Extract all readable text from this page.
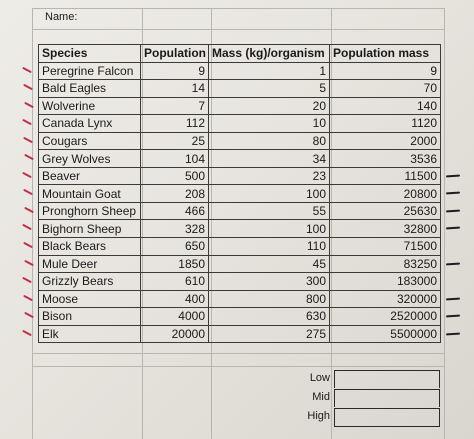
Name:
Species	Population	Mass (kg)/organism	Population mass
Peregrine Falcon	9	1	9
Bald Eagles	14	5	70
Wolverine	7	20	140
Canada Lynx	112	10	1120
Cougars	25	80	2000
Grey Wolves	104	34	3536
Beaver	500	23	11500
Mountain Goat	208	100	20800
Pronghorn Sheep	466	55	25630
Bighorn Sheep	328	100	32800
Black Bears	650	110	71500
Mule Deer	1850	45	83250
Grizzly Bears	610	300	183000
Moose	400	800	320000
Bison	4000	630	2520000
Elk	20000	275	5500000
Low
Mid
High
